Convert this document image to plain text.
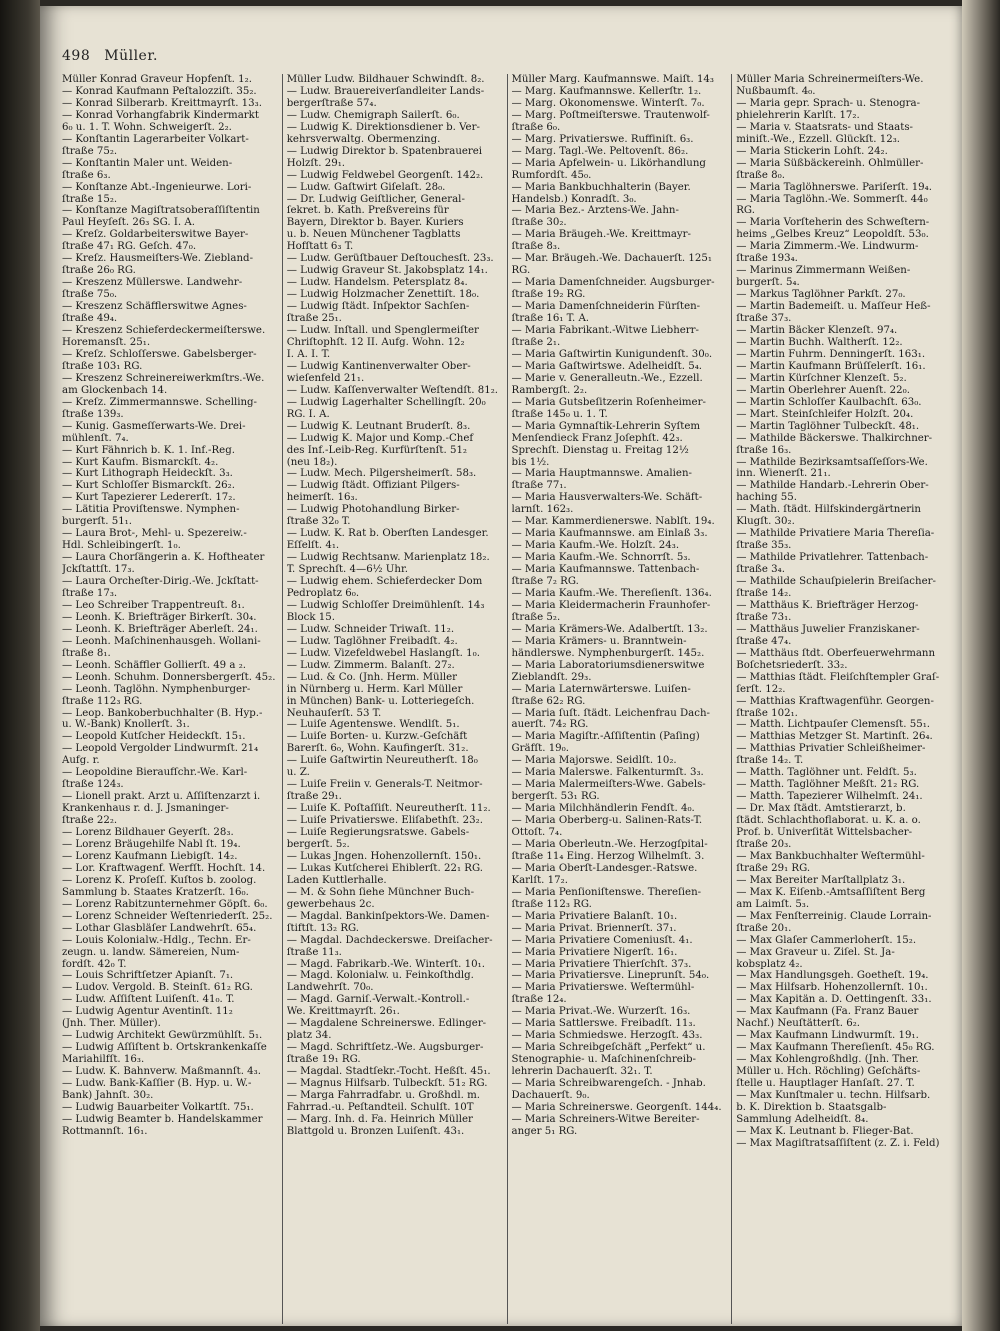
498 Müller.
Müller Konrad Graveur Hopfenſt. 1₂.
— Konrad Kaufmann Peſtalozziſt. 35₂.
— Konrad Silberarb. Kreittmayrſt. 13₃.
— Konrad Vorhangfabrik Kindermarkt
6₀ u. 1. T. Wohn. Schweigerſt. 2₂.
— Konſtantin Lagerarbeiter Volkart-
ſtraße 75₂.
— Konſtantin Maler unt. Weiden-
ſtraße 6₃.
— Konſtanze Abt.-Ingenieurwe. Lori-
ſtraße 15₂.
— Konſtanze Magiſtratsoberaſſiſtentin
Paul Heyſeſt. 26₃ SG. I. A.
— Kreſz. Goldarbeiterswitwe Bayer-
ſtraße 47₁ RG. Geſch. 47₀.
— Kreſz. Hausmeiſters-We. Ziebland-
ſtraße 26₀ RG.
— Kreszenz Müllerswe. Landwehr-
ſtraße 75₀.
— Kreszenz Schäfflerswitwe Agnes-
ſtraße 49₄.
— Kreszenz Schieferdeckermeiſterswe.
Horemansſt. 25₁.
— Kreſz. Schloſſerswe. Gabelsberger-
ſtraße 103₁ RG.
— Kreszenz Schreinereiwerkmſtrs.-We.
am Glockenbach 14.
— Kreſz. Zimmermannswe. Schelling-
ſtraße 139₃.
— Kunig. Gasmeſſerwarts-We. Drei-
mühlenſt. 7₄.
— Kurt Fähnrich b. K. 1. Inf.-Reg.
— Kurt Kaufm. Bismarckſt. 4₂.
— Kurt Lithograph Heideckſt. 3₃.
— Kurt Schloſſer Bismarckſt. 26₂.
— Kurt Tapezierer Ledererſt. 17₂.
— Lätitia Proviſtenswe. Nymphen-
burgerſt. 51₁.
— Laura Brot-, Mehl- u. Spezereiw.-
Hdl. Schleibingerſt. 1₀.
— Laura Chorſängerin a. K. Hoftheater
Jckſtattſt. 17₃.
— Laura Orcheſter-Dirig.-We. Jckſtatt-
ſtraße 17₃.
— Leo Schreiber Trappentreuſt. 8₁.
— Leonh. K. Briefträger Birkerſt. 30₄.
— Leonh. K. Briefträger Aberleſt. 24₁.
— Leonh. Maſchinenhausgeh. Wollani-
ſtraße 8₁.
— Leonh. Schäffler Gollierſt. 49 a ₂.
— Leonh. Schuhm. Donnersbergerſt. 45₂.
— Leonh. Taglöhn. Nymphenburger-
ſtraße 112₃ RG.
— Leop. Bankoberbuchhalter (B. Hyp.-
u. W.-Bank) Knollerſt. 3₁.
— Leopold Kutſcher Heideckſt. 15₁.
— Leopold Vergolder Lindwurmſt. 21₄
Aufg. r.
— Leopoldine Bieraufſchr.-We. Karl-
ſtraße 124₃.
— Lionell prakt. Arzt u. Aſſiſtenzarzt i.
Krankenhaus r. d. J. Jsmaninger-
ſtraße 22₂.
— Lorenz Bildhauer Geyerſt. 28₃.
— Lorenz Bräugehilfe Nabl ſt. 19₄.
— Lorenz Kaufmann Liebigſt. 14₂.
— Lor. Kraftwagenf. Werfſt. Hochſt. 14.
— Lorenz K. Proſeſſ. Kuſtos b. zoolog.
Sammlung b. Staates Kratzerſt. 16₀.
— Lorenz Rabitzunternehmer Göpſt. 6₀.
— Lorenz Schneider Weſtenriederſt. 25₂.
— Lothar Glasbläſer Landwehrſt. 65₄.
— Louis Kolonialw.-Hdlg., Techn. Er-
zeugn. u. landw. Sämereien, Num-
fordſt. 42₀ T.
— Louis Schriftſetzer Apianſt. 7₁.
— Ludov. Vergold. B. Steinſt. 61₂ RG.
— Ludw. Aſſiſtent Luiſenſt. 41₀. T.
— Ludwig Agentur Aventinſt. 11₂
(Jnh. Ther. Müller).
— Ludwig Architekt Gewürzmühlſt. 5₁.
— Ludwig Aſſiſtent b. Ortskrankenkaſſe
Mariahilfſt. 16₃.
— Ludw. K. Bahnverw. Maßmannſt. 4₃.
— Ludw. Bank-Kaſſier (B. Hyp. u. W.-
Bank) Jahnſt. 30₂.
— Ludwig Bauarbeiter Volkartſt. 75₁.
— Ludwig Beamter b. Handelskammer
Rottmannſt. 16₁.
Müller Ludw. Bildhauer Schwindſt. 8₂.
— Ludw. Brauereiverſandleiter Lands-
bergerſtraße 57₄.
— Ludw. Chemigraph Sailerſt. 6₀.
— Ludwig K. Direktionsdiener b. Ver-
kehrsverwaltg. Obermenzing.
— Ludwig Direktor b. Spatenbrauerei
Holzſt. 29₁.
— Ludwig Feldwebel Georgenſt. 142₂.
— Ludw. Gaſtwirt Giſelaſt. 28₀.
— Dr. Ludwig Geiſtlicher, General-
ſekret. b. Kath. Preßvereins für
Bayern, Direktor b. Bayer. Kuriers
u. b. Neuen Münchener Tagblatts
Hofſtatt 6₃ T.
— Ludw. Gerüſtbauer Deſtouchesſt. 23₃.
— Ludwig Graveur St. Jakobsplatz 14₁.
— Ludw. Handelsm. Petersplatz 8₄.
— Ludwig Holzmacher Zenettiſt. 18₀.
— Ludwig ſtädt. Inſpektor Sachſen-
ſtraße 25₁.
— Ludw. Inſtall. und Spenglermeiſter
Chriſtophſt. 12 II. Aufg. Wohn. 12₂
I. A. I. T.
— Ludwig Kantinenverwalter Ober-
wieſenfeld 21₁.
— Ludw. Kaſſenverwalter Weſtendſt. 81₂.
— Ludwig Lagerhalter Schellingſt. 20₀
RG. I. A.
— Ludwig K. Leutnant Bruderſt. 8₃.
— Ludwig K. Major und Komp.-Chef
des Inf.-Leib-Reg. Kurfürſtenſt. 51₂
(neu 18₂).
— Ludw. Mech. Pilgersheimerſt. 58₃.
— Ludwig ſtädt. Offiziant Pilgers-
heimerſt. 16₃.
— Ludwig Photohandlung Birker-
ſtraße 32₀ T.
— Ludw. K. Rat b. Oberſten Landesger.
Eſſelſt. 4₁.
— Ludwig Rechtsanw. Marienplatz 18₂.
T. Sprechſt. 4—6½ Uhr.
— Ludwig ehem. Schieferdecker Dom
Pedroplatz 6₀.
— Ludwig Schloſſer Dreimühlenſt. 14₃
Block 15.
— Ludw. Schneider Triwaſt. 11₂.
— Ludw. Taglöhner Freibadſt. 4₂.
— Ludw. Vizefeldwebel Haslangſt. 1₀.
— Ludw. Zimmerm. Balanſt. 27₂.
— Lud. & Co. (Jnh. Herm. Müller
in Nürnberg u. Herm. Karl Müller
in München) Bank- u. Lotteriegeſch.
Neuhauſerſt. 53 T.
— Luiſe Agentenswe. Wendlſt. 5₁.
— Luiſe Borten- u. Kurzw.-Geſchäft
Barerſt. 6₀, Wohn. Kaufingerſt. 31₂.
— Luiſe Gaſtwirtin Neureutherſt. 18₀
u. Z.
— Luiſe Freiin v. Generals-T. Neitmor-
ſtraße 29₁.
— Luiſe K. Poſtaſſiſt. Neureutherſt. 11₂.
— Luiſe Privatierswe. Eliſabethſt. 23₂.
— Luiſe Regierungsratswe. Gabels-
bergerſt. 5₂.
— Lukas Jngen. Hohenzollernſt. 150₁.
— Lukas Kutſcherei Ehiblerſt. 22₁ RG.
Laden Kuttlerhalle.
— M. & Sohn ſiehe Münchner Buch-
gewerbehaus 2c.
— Magdal. Bankinſpektors-We. Damen-
ſtiftſt. 13₂ RG.
— Magdal. Dachdeckerswe. Dreiſacher-
ſtraße 11₃.
— Magd. Fabrikarb.-We. Winterſt. 10₁.
— Magd. Kolonialw. u. Feinkoſthdlg.
Landwehrſt. 70₀.
— Magd. Garniſ.-Verwalt.-Kontroll.-
We. Kreittmayrſt. 26₁.
— Magdalene Schreinerswe. Edlinger-
platz 34.
— Magd. Schriftſetz.-We. Augsburger-
ſtraße 19₁ RG.
— Magdal. Stadtſekr.-Tocht. Heßſt. 45₁.
— Magnus Hilfsarb. Tulbeckſt. 51₂ RG.
— Marga Fahrradfabr. u. Großhdl. m.
Fahrrad.-u. Peſtandteil. Schulſt. 10T
— Marg. Inh. d. Fa. Heinrich Müller
Blattgold u. Bronzen Luiſenſt. 43₁.
Müller Marg. Kaufmannswe. Maiſt. 14₃
— Marg. Kaufmannswe. Kellerſtr. 1₂.
— Marg. Ökonomenswe. Winterſt. 7₀.
— Marg. Poſtmeiſterswe. Trautenwolf-
ſtraße 6₀.
— Marg. Privatierswe. Ruffiniſt. 6₃.
— Marg. Tagl.-We. Peltovenſt. 86₂.
— Maria Apfelwein- u. Likörhandlung
Rumfordſt. 45₀.
— Maria Bankbuchhalterin (Bayer.
Handelsb.) Konradſt. 3₀.
— Maria Bez.- Arztens-We. Jahn-
ſtraße 30₂.
— Maria Bräugeh.-We. Kreittmayr-
ſtraße 8₃.
— Mar. Bräugeh.-We. Dachauerſt. 125₁
RG.
— Maria Damenſchneider. Augsburger-
ſtraße 19₂ RG.
— Maria Damenſchneiderin Fürſten-
ſtraße 16₁ T. A.
— Maria Fabrikant.-Witwe Liebherr-
ſtraße 2₁.
— Maria Gaſtwirtin Kunigundenſt. 30₀.
— Maria Gaſtwirtswe. Adelheidſt. 5₄.
— Marie v. Generalleutn.-We., Ezzell.
Rambergſt. 2₂.
— Maria Gutsbeſitzerin Roſenheimer-
ſtraße 145₀ u. 1. T.
— Maria Gymnaſtik-Lehrerin Syſtem
Menſendieck Franz Joſephſt. 42₃.
Sprechſt. Dienstag u. Freitag 12½
bis 1½.
— Maria Hauptmannswe. Amalien-
ſtraße 77₁.
— Maria Hausverwalters-We. Schäft-
larnſt. 162₃.
— Mar. Kammerdienerswe. Nablſt. 19₄.
— Maria Kaufmannswe. am Einlaß 3₃.
— Maria Kaufm.-We. Holzſt. 24₃.
— Maria Kaufm.-We. Schnorrſt. 5₃.
— Maria Kaufmannswe. Tattenbach-
ſtraße 7₂ RG.
— Maria Kaufm.-We. Thereſienſt. 136₄.
— Maria Kleidermacherin Fraunhofer-
ſtraße 5₂.
— Maria Krämers-We. Adalbertſt. 13₂.
— Maria Krämers- u. Branntwein-
händlerswe. Nymphenburgerſt. 145₂.
— Maria Laboratoriumsdienerswitwe
Zieblandſt. 29₃.
— Maria Laternwärterswe. Luiſen-
ſtraße 62₂ RG.
— Maria ſuſt. ſtädt. Leichenfrau Dach-
auerſt. 74₂ RG.
— Maria Magiſtr.-Aſſiſtentin (Paſing)
Gräfſt. 19₀.
— Maria Majorswe. Seidlſt. 10₂.
— Maria Malerswe. Falkenturmſt. 3₃.
— Maria Malermeiſters-Wwe. Gabels-
bergerſt. 53₁ RG.
— Maria Milchhändlerin Fendſt. 4₀.
— Maria Oberberg-u. Salinen-Rats-T.
Ottoſt. 7₄.
— Maria Oberleutn.-We. Herzogſpital-
ſtraße 11₄ Eing. Herzog Wilhelmſt. 3.
— Maria Oberſt-Landesger.-Ratswe.
Karlſt. 17₂.
— Maria Penſioniſtenswe. Thereſien-
ſtraße 112₃ RG.
— Maria Privatiere Balanſt. 10₁.
— Maria Privat. Briennerſt. 37₁.
— Maria Privatiere Comeniusſt. 4₁.
— Maria Privatiere Nigerſt. 16₁.
— Maria Privatiere Thierſchſt. 37₃.
— Maria Privatiersve. Lineprunſt. 54₀.
— Maria Privatierswe. Weſtermühl-
ſtraße 12₄.
— Maria Privat.-We. Wurzerſt. 16₃.
— Maria Sattlerswe. Freibadſt. 11₃.
— Maria Schmiedswe. Herzogſt. 43₃.
— Maria Schreibgeſchäft „Perfekt“ u.
Stenographie- u. Maſchinenſchreib-
lehrerin Dachauerſt. 32₁. T.
— Maria Schreibwarengeſch. - Jnhab.
Dachauerſt. 9₀.
— Maria Schreinerswe. Georgenſt. 144₄.
— Maria Schreiners-Witwe Bereiter-
anger 5₁ RG.
Müller Maria Schreinermeiſters-We.
Nußbaumſt. 4₀.
— Maria gepr. Sprach- u. Stenogra-
phielehrerin Karlſt. 17₂.
— Maria v. Staatsrats- und Staats-
miniſt.-We., Ezzell. Glückſt. 12₃.
— Maria Stickerin Lohſt. 24₂.
— Maria Süßbäckereinh. Ohlmüller-
ſtraße 8₀.
— Maria Taglöhnerswe. Pariſerſt. 19₄.
— Maria Taglöhn.-We. Sommerſt. 44₀
RG.
— Maria Vorſteherin des Schweſtern-
heims „Gelbes Kreuz“ Leopoldſt. 53₀.
— Maria Zimmerm.-We. Lindwurm-
ſtraße 193₄.
— Marinus Zimmermann Weißen-
burgerſt. 5₄.
— Markus Taglöhner Parkſt. 27₀.
— Martin Bademeiſt. u. Maſſeur Heß-
ſtraße 37₃.
— Martin Bäcker Klenzeſt. 97₄.
— Martin Buchh. Waltherſt. 12₂.
— Martin Fuhrm. Denningerſt. 163₁.
— Martin Kaufmann Brüſſelerſt. 16₁.
— Martin Kürſchner Klenzeſt. 5₂.
— Martin Oberlehrer Auenſt. 22₀.
— Martin Schloſſer Kaulbachſt. 63₀.
— Mart. Steinſchleifer Holzſt. 20₄.
— Martin Taglöhner Tulbeckſt. 48₁.
— Mathilde Bäckerswe. Thalkirchner-
ſtraße 16₃.
— Mathilde Bezirksamtsaſſeſſors-We.
inn. Wienerſt. 21₁.
— Mathilde Handarb.-Lehrerin Ober-
haching 55.
— Math. ſtädt. Hilfskindergärtnerin
Klugſt. 30₂.
— Mathilde Privatiere Maria Thereſia-
ſtraße 35₃.
— Mathilde Privatlehrer. Tattenbach-
ſtraße 3₄.
— Mathilde Schauſpielerin Breiſacher-
ſtraße 14₂.
— Matthäus K. Briefträger Herzog-
ſtraße 73₁.
— Matthäus Juwelier Franziskaner-
ſtraße 47₄.
— Matthäus ſtdt. Oberfeuerwehrmann
Boſchetsriederſt. 33₂.
— Matthias ſtädt. Fleiſchſtempler Graſ-
ſerſt. 12₂.
— Matthias Kraftwagenführ. Georgen-
ſtraße 102₁.
— Matth. Lichtpauſer Clemensſt. 55₁.
— Matthias Metzger St. Martinſt. 26₄.
— Matthias Privatier Schleißheimer-
ſtraße 14₂. T.
— Matth. Taglöhner unt. Feldſt. 5₃.
— Matth. Taglöhner Meßſt. 21₂ RG.
— Matth. Tapezierer Wilhelmſt. 24₁.
— Dr. Max ſtädt. Amtstierarzt, b.
ſtädt. Schlachthoflaborat. u. K. a. o.
Prof. b. Univerſität Wittelsbacher-
ſtraße 20₃.
— Max Bankbuchhalter Weſtermühl-
ſtraße 29₁ RG.
— Max Bereiter Marſtallplatz 3₁.
— Max K. Eiſenb.-Amtsaſſiſtent Berg
am Laimſt. 5₃.
— Max Fenſterreinig. Claude Lorrain-
ſtraße 20₁.
— Max Glaſer Cammerloherſt. 15₂.
— Max Graveur u. Ziſel. St. Ja-
kobsplatz 4₂.
— Max Handlungsgeh. Goetheſt. 19₄.
— Max Hilfsarb. Hohenzollernſt. 10₁.
— Max Kapitän a. D. Oettingenſt. 33₁.
— Max Kaufmann (Fa. Franz Bauer
Nachf.) Neuſtätterſt. 6₂.
— Max Kaufmann Lindwurmſt. 19₁.
— Max Kaufmann Thereſienſt. 45₀ RG.
— Max Kohlengroßhdlg. (Jnh. Ther.
Müller u. Hch. Röchling) Geſchäfts-
ſtelle u. Hauptlager Hanſaſt. 27. T.
— Max Kunſtmaler u. techn. Hilfsarb.
b. K. Direktion b. Staatsgalb-
Sammlung Adelheidſt. 8₄.
— Max K. Leutnant b. Flieger-Bat.
— Max Magiſtratsaſſiſtent (z. Z. i. Feld)
